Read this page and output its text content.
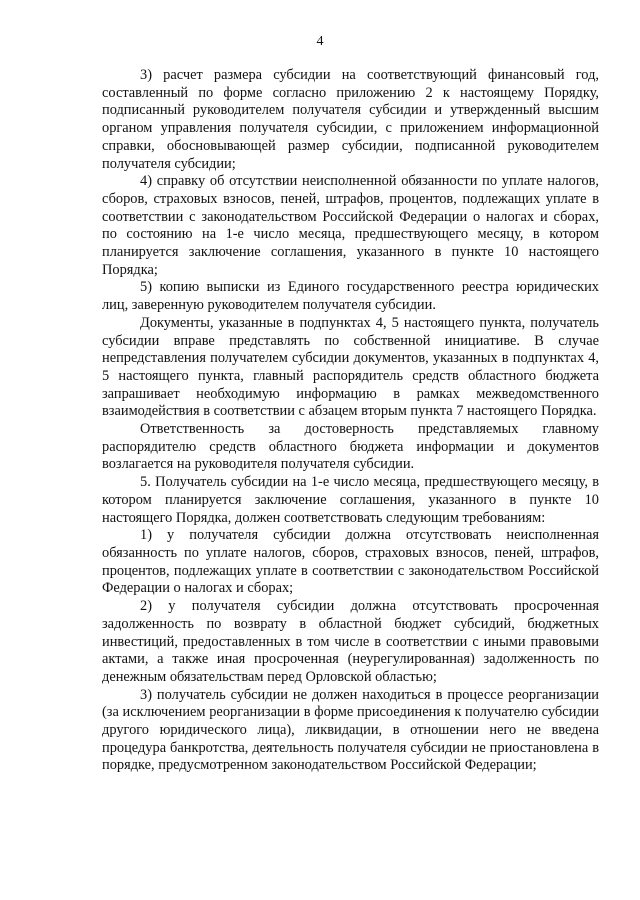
4

3) расчет размера субсидии на соответствующий финансовый год, составленный по форме согласно приложению 2 к настоящему Порядку, подписанный руководителем получателя субсидии и утвержденный высшим органом управления получателя субсидии, с приложением информационной справки, обосновывающей размер субсидии, подписанной руководителем получателя субсидии;

4) справку об отсутствии неисполненной обязанности по уплате налогов, сборов, страховых взносов, пеней, штрафов, процентов, подлежащих уплате в соответствии с законодательством Российской Федерации о налогах и сборах, по состоянию на 1-е число месяца, предшествующего месяцу, в котором планируется заключение соглашения, указанного в пункте 10 настоящего Порядка;

5) копию выписки из Единого государственного реестра юридических лиц, заверенную руководителем получателя субсидии.

Документы, указанные в подпунктах 4, 5 настоящего пункта, получатель субсидии вправе представлять по собственной инициативе. В случае непредставления получателем субсидии документов, указанных в подпунктах 4, 5 настоящего пункта, главный распорядитель средств областного бюджета запрашивает необходимую информацию в рамках межведомственного взаимодействия в соответствии с абзацем вторым пункта 7 настоящего Порядка.

Ответственность за достоверность представляемых главному распорядителю средств областного бюджета информации и документов возлагается на руководителя получателя субсидии.

5. Получатель субсидии на 1-е число месяца, предшествующего месяцу, в котором планируется заключение соглашения, указанного в пункте 10 настоящего Порядка, должен соответствовать следующим требованиям:

1) у получателя субсидии должна отсутствовать неисполненная обязанность по уплате налогов, сборов, страховых взносов, пеней, штрафов, процентов, подлежащих уплате в соответствии с законодательством Российской Федерации о налогах и сборах;

2) у получателя субсидии должна отсутствовать просроченная задолженность по возврату в областной бюджет субсидий, бюджетных инвестиций, предоставленных в том числе в соответствии с иными правовыми актами, а также иная просроченная (неурегулированная) задолженность по денежным обязательствам перед Орловской областью;

3) получатель субсидии не должен находиться в процессе реорганизации (за исключением реорганизации в форме присоединения к получателю субсидии другого юридического лица), ликвидации, в отношении него не введена процедура банкротства, деятельность получателя субсидии не приостановлена в порядке, предусмотренном законодательством Российской Федерации;
